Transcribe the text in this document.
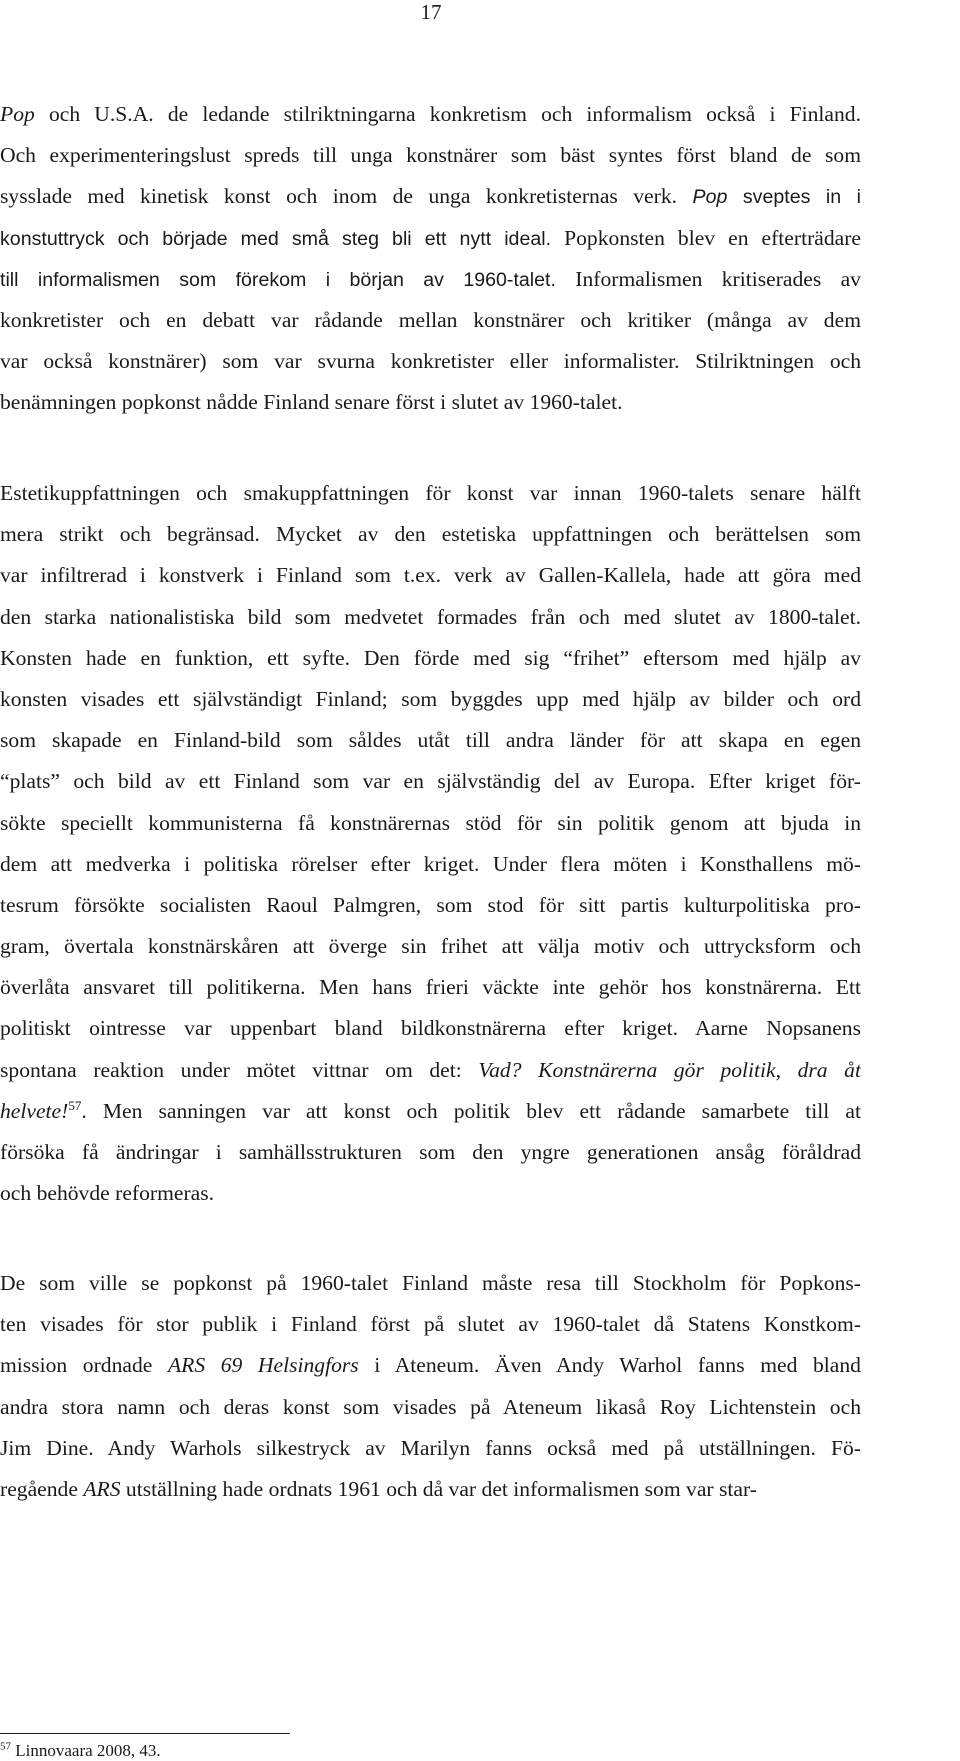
17

Pop och U.S.A. de ledande stilriktningarna konkretism och informalism också i Finland.
Och experimenteringslust spreds till unga konstnärer som bäst syntes först bland de som
sysslade med kinetisk konst och inom de unga konkretisternas verk. Pop sveptes in i
konstuttryck och började med små steg bli ett nytt ideal. Popkonsten blev en efterträdare
till informalismen som förekom i början av 1960-talet. Informalismen kritiserades av
konkretister och en debatt var rådande mellan konstnärer och kritiker (många av dem
var också konstnärer) som var svurna konkretister eller informalister. Stilriktningen och
benämningen popkonst nådde Finland senare först i slutet av 1960-talet.

Estetikuppfattningen och smakuppfattningen för konst var innan 1960-talets senare hälft
mera strikt och begränsad. Mycket av den estetiska uppfattningen och berättelsen som
var infiltrerad i konstverk i Finland som t.ex. verk av Gallen-Kallela, hade att göra med
den starka nationalistiska bild som medvetet formades från och med slutet av 1800-talet.
Konsten hade en funktion, ett syfte. Den förde med sig “frihet” eftersom med hjälp av
konsten visades ett självständigt Finland; som byggdes upp med hjälp av bilder och ord
som skapade en Finland-bild som såldes utåt till andra länder för att skapa en egen
“plats” och bild av ett Finland som var en självständig del av Europa. Efter kriget för-
sökte speciellt kommunisterna få konstnärernas stöd för sin politik genom att bjuda in
dem att medverka i politiska rörelser efter kriget. Under flera möten i Konsthallens mö-
tesrum försökte socialisten Raoul Palmgren, som stod för sitt partis kulturpolitiska pro-
gram, övertala konstnärskåren att överge sin frihet att välja motiv och uttrycksform och
överlåta ansvaret till politikerna. Men hans frieri väckte inte gehör hos konstnärerna. Ett
politiskt ointresse var uppenbart bland bildkonstnärerna efter kriget. Aarne Nopsanens
spontana reaktion under mötet vittnar om det: Vad? Konstnärerna gör politik, dra åt
helvete!$^{57}$. Men sanningen var att konst och politik blev ett rådande samarbete till at
försöka få ändringar i samhällsstrukturen som den yngre generationen ansåg föråldrad
och behövde reformeras.

De som ville se popkonst på 1960-talet Finland måste resa till Stockholm för Popkons-
ten visades för stor publik i Finland först på slutet av 1960-talet då Statens Konstkom-
mission ordnade ARS 69 Helsingfors i Ateneum. Även Andy Warhol fanns med bland
andra stora namn och deras konst som visades på Ateneum likaså Roy Lichtenstein och
Jim Dine. Andy Warhols silkestryck av Marilyn fanns också med på utställningen. Fö-
regående ARS utställning hade ordnats 1961 och då var det informalismen som var star-

$^{57}$ Linnovaara 2008, 43.
